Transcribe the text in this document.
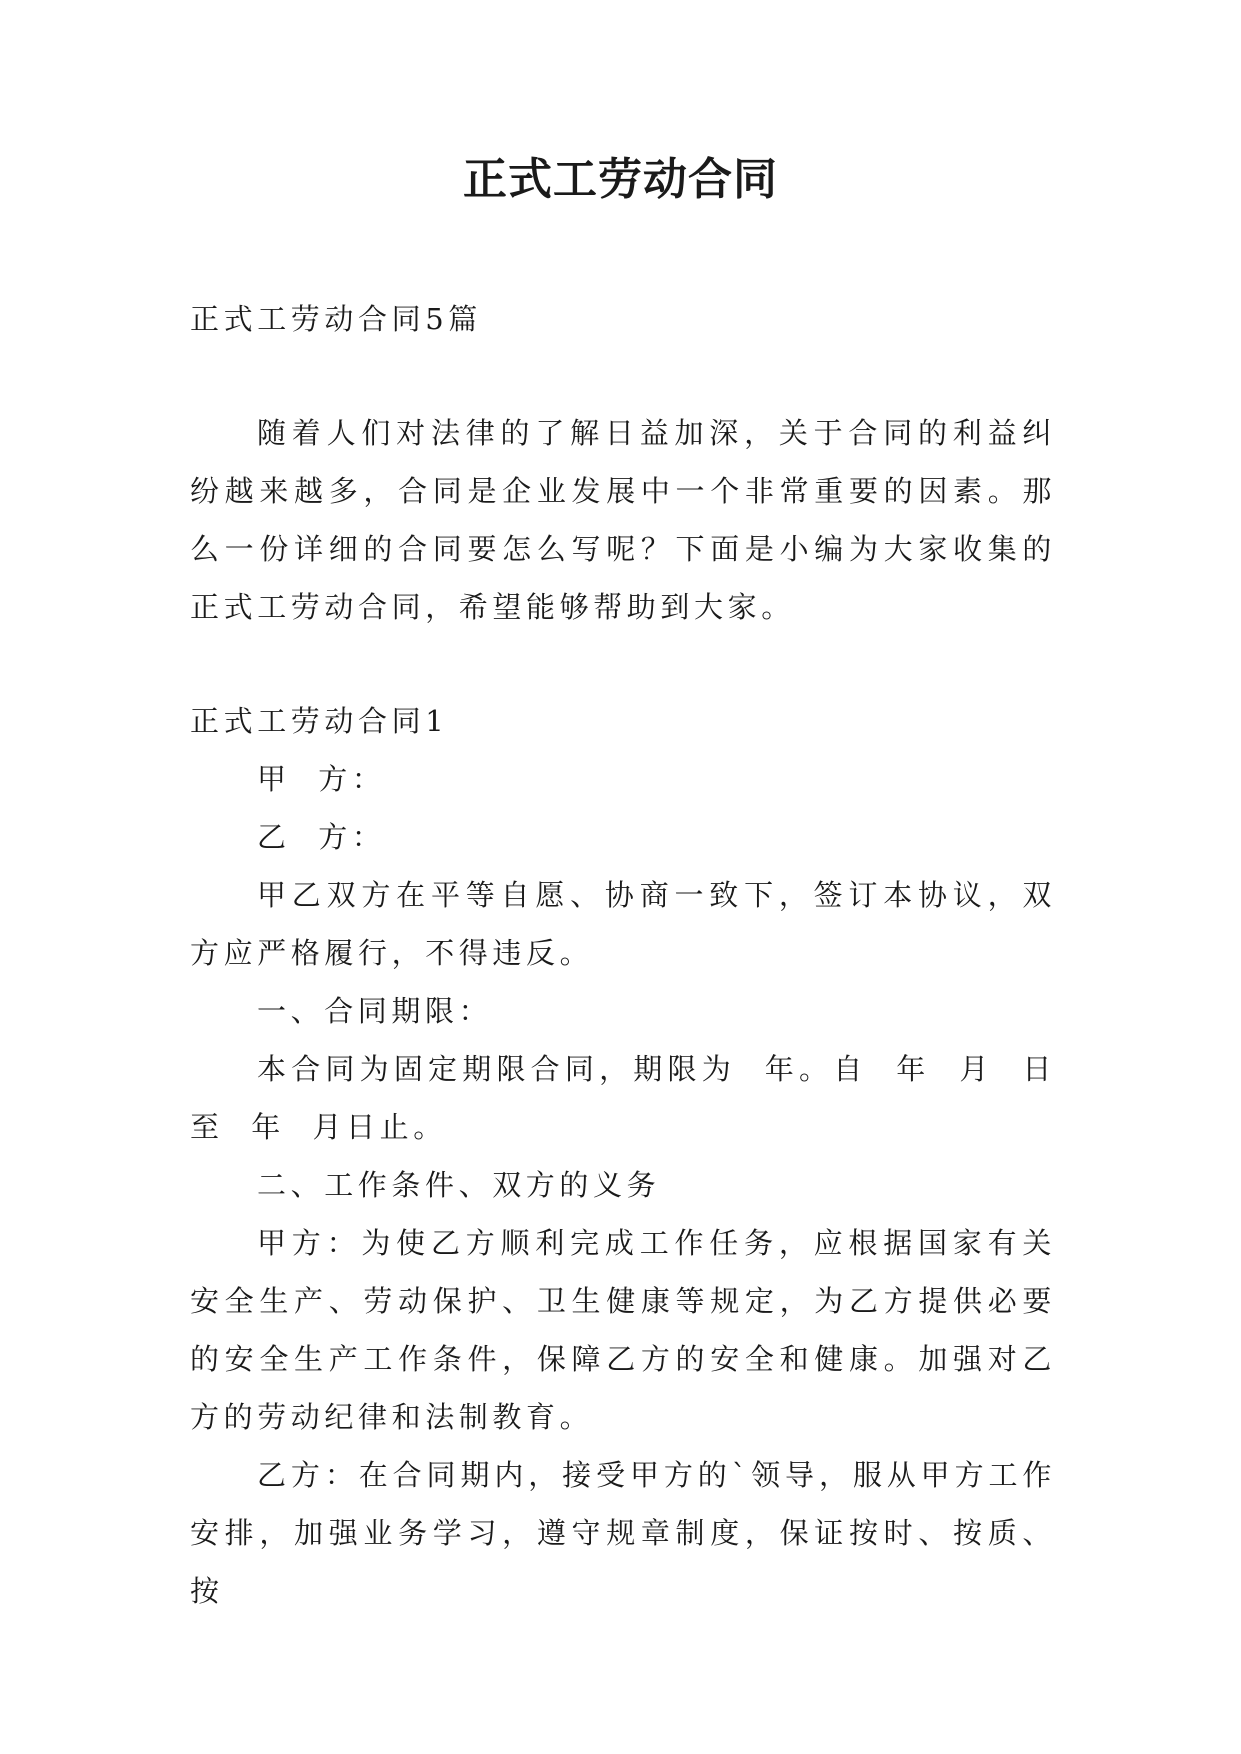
正式工劳动合同

正式工劳动合同5篇

随着人们对法律的了解日益加深，关于合同的利益纠纷越来越多，合同是企业发展中一个非常重要的因素。那么一份详细的合同要怎么写呢？下面是小编为大家收集的正式工劳动合同，希望能够帮助到大家。

正式工劳动合同1

甲  方：

乙  方：

甲乙双方在平等自愿、协商一致下，签订本协议，双方应严格履行，不得违反。

一、合同期限：

本合同为固定期限合同，期限为  年。自  年  月  日至  年  月日止。

二、工作条件、双方的义务

甲方：为使乙方顺利完成工作任务，应根据国家有关安全生产、劳动保护、卫生健康等规定，为乙方提供必要的安全生产工作条件，保障乙方的安全和健康。加强对乙方的劳动纪律和法制教育。

乙方：在合同期内，接受甲方的`领导，服从甲方工作安排，加强业务学习，遵守规章制度，保证按时、按质、按
